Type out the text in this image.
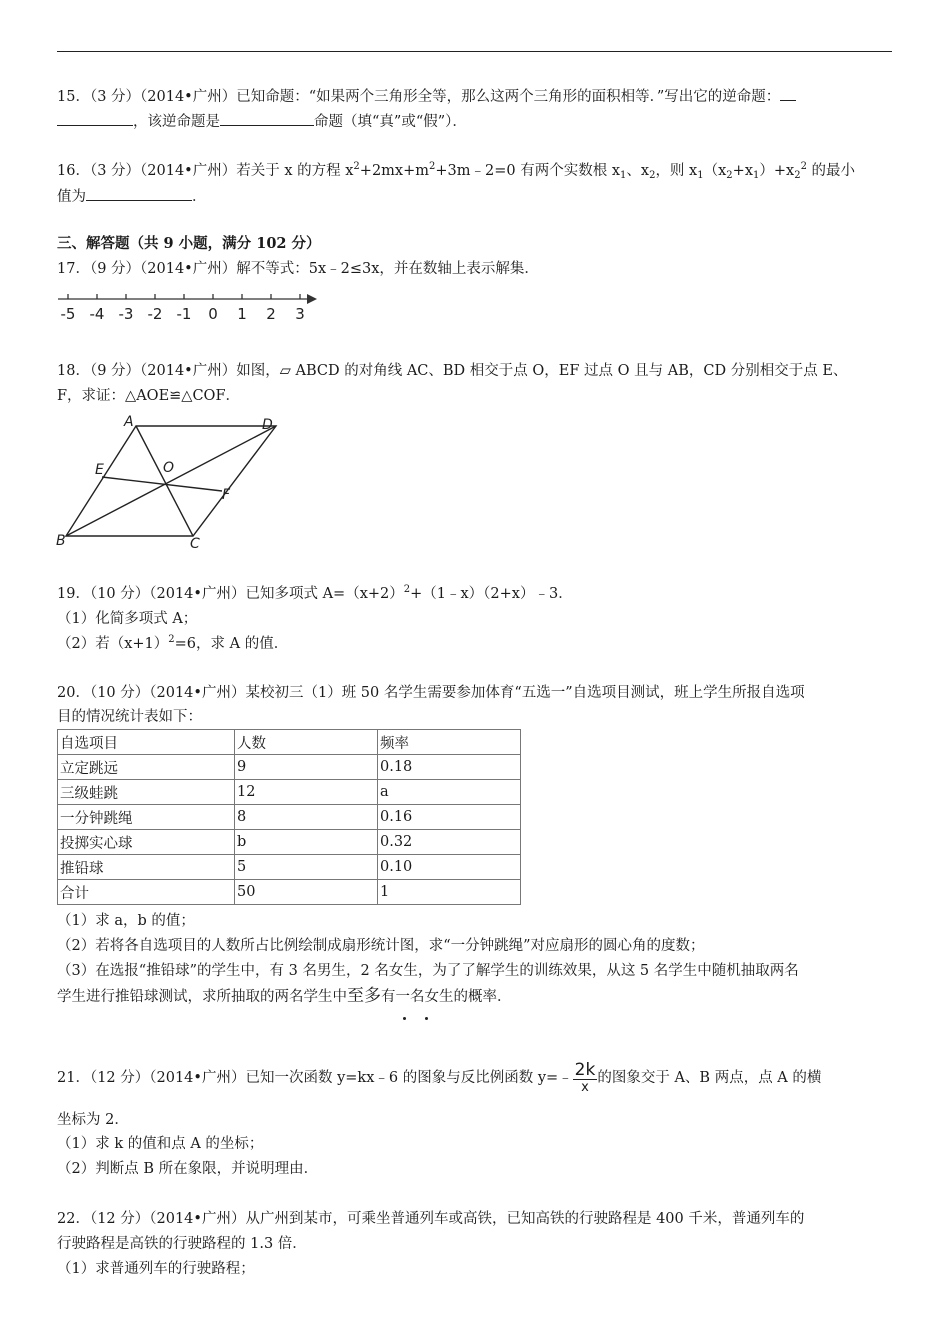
15．（3 分）（2014•广州）已知命题：“如果两个三角形全等，那么这两个三角形的面积相等．”写出它的逆命题：
，该逆命题是	命题（填“真”或“假”）．
16．（3 分）（2014•广州）若关于 x 的方程 $x^2+2mx+m^2+3m﹣2=0$ 有两个实数根 $x_1$、$x_2$，则 $x_1(x_2+x_1)+x_2^2$ 的最小
值为	．
三、解答题（共 9 小题，满分 102 分）
17．（9 分）（2014•广州）解不等式：5x﹣2≤3x，并在数轴上表示解集．
-5 -4 -3 -2 -1 0 1 2 3
18．（9 分）（2014•广州）如图，▱ ABCD 的对角线 AC、BD 相交于点 O，EF 过点 O 且与 AB，CD 分别相交于点 E、
F，求证：△AOE≌△COF．
A	D
E	O
F
B	C
19．（10 分）（2014•广州）已知多项式 $A=(x+2)^2+(1﹣x)(2+x)﹣3$．
（1）化简多项式 A；
（2）若$(x+1)^2=6$，求 A 的值．
20．（10 分）（2014•广州）某校初三（1）班 50 名学生需要参加体育“五选一”自选项目测试，班上学生所报自选项
目的情况统计表如下：
自选项目	人数	频率
立定跳远	9	0.18
三级蛙跳	12	a
一分钟跳绳	8	0.16
投掷实心球	b	0.32
推铅球	5	0.10
合计	50	1
（1）求 a，b 的值；
（2）若将各自选项目的人数所占比例绘制成扇形统计图，求“一分钟跳绳”对应扇形的圆心角的度数；
（3）在选报“推铅球”的学生中，有 3 名男生，2 名女生，为了了解学生的训练效果，从这 5 名学生中随机抽取两名
学生进行推铅球测试，求所抽取的两名学生中至多有一名女生的概率．
21．（12 分）（2014•广州）已知一次函数 y=kx﹣6 的图象与反比例函数 y=﹣ $\frac{2k}{x}$ 的图象交于 A、B 两点，点 A 的横
坐标为 2．
（1）求 k 的值和点 A 的坐标；
（2）判断点 B 所在象限，并说明理由．
22．（12 分）（2014•广州）从广州到某市，可乘坐普通列车或高铁，已知高铁的行驶路程是 400 千米，普通列车的
行驶路程是高铁的行驶路程的 1.3 倍．
（1）求普通列车的行驶路程；
